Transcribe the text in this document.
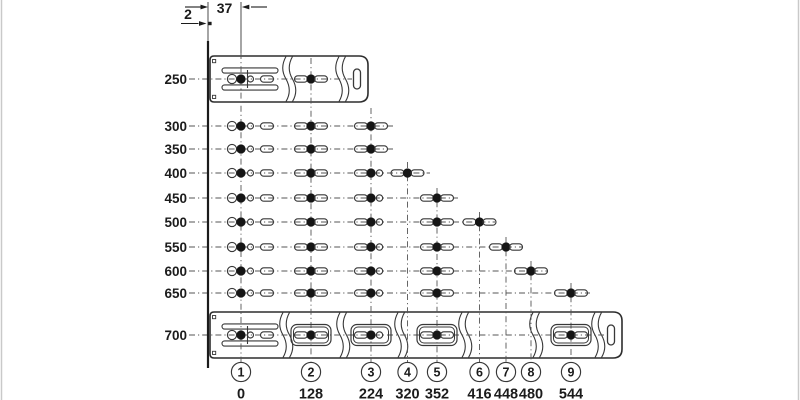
37
2
250
300
350
400
450
500
550
600
650
700
1
0
2
128
3
224
4
320
5
352
6
416
7
448
8
480
9
544
